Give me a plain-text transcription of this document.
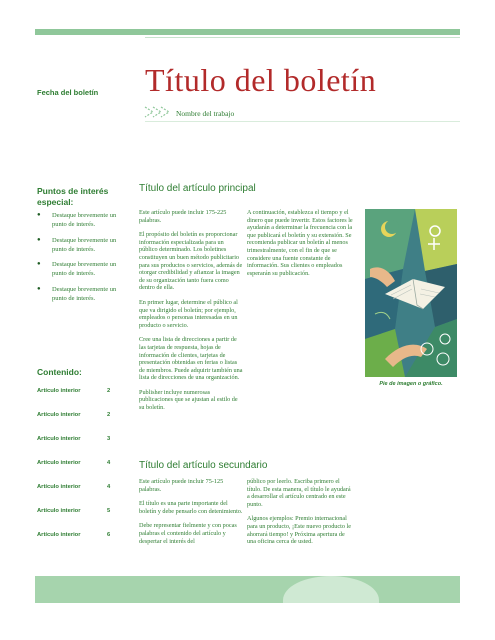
Fecha del boletín Título del boletín
Nombre del trabajo
Puntos de interés especial:
● Destaque brevemente un punto de interés.
● Destaque brevemente un punto de interés.
● Destaque brevemente un punto de interés.
● Destaque brevemente un punto de interés.
Contenido:
Artículo interior	2
Artículo interior	2
Artículo interior	3
Artículo interior	4
Artículo interior	4
Artículo interior	5
Artículo interior	6
Título del artículo principal

Este artículo puede incluir 175-225 palabras.

El propósito del boletín es proporcionar información especializada para un público determinado. Los boletines constituyen un buen método publicitario para sus productos o servicios, además de otorgar credibilidad y afianzar la imagen de su organización tanto fuera como dentro de ella.

En primer lugar, determine el público al que va dirigido el boletín; por ejemplo, empleados o personas interesadas en un producto o servicio.

Cree una lista de direcciones a partir de las tarjetas de respuesta, hojas de información de clientes, tarjetas de presentación obtenidas en ferias o listas de miembros. Puede adquirir también una lista de direcciones de una organización.

Publisher incluye numerosas publicaciones que se ajustan al estilo de su boletín.

A continuación, establezca el tiempo y el dinero que puede invertir. Estos factores le ayudarán a determinar la frecuencia con la que publicará el boletín y su extensión. Se recomienda publicar un boletín al menos trimestralmente, con el fin de que se considere una fuente constante de información. Sus clientes o empleados esperarán su publicación.

Pie de imagen o gráfico.
Título del artículo secundario

Este artículo puede incluir 75-125 palabras.

El título es una parte importante del boletín y debe pensarlo con detenimiento.

Debe representar fielmente y con pocas palabras el contenido del artículo y despertar el interés del

público por leerlo. Escriba primero el título. De esta manera, el título le ayudará a desarrollar el artículo centrado en este punto.

Algunos ejemplos: Premio internacional para un producto, ¡Este nuevo producto le ahorrará tiempo! y Próxima apertura de una oficina cerca de usted.
